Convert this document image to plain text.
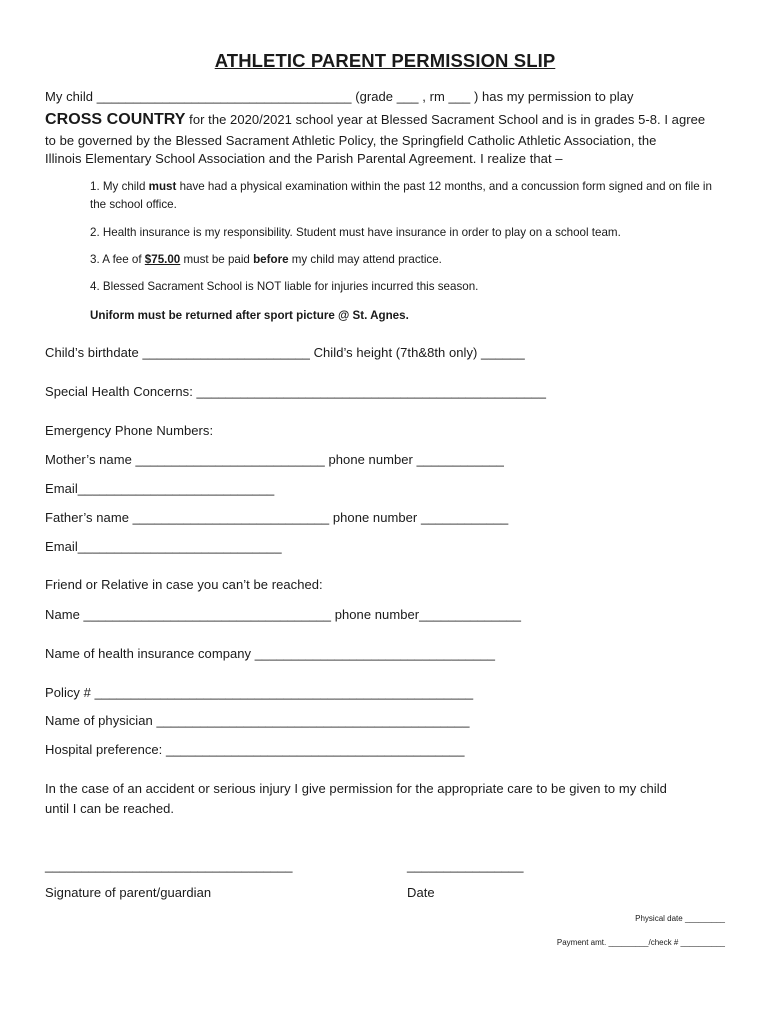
ATHLETIC PARENT PERMISSION SLIP
My child ___________________________________ (grade ___ , rm ___ ) has my permission to play
CROSS COUNTRY for the 2020/2021 school year at Blessed Sacrament School and is in grades 5-8. I agree
to be governed by the Blessed Sacrament Athletic Policy, the Springfield Catholic Athletic Association, the
Illinois Elementary School Association and the Parish Parental Agreement. I realize that –
1. My child must have had a physical examination within the past 12 months, and a concussion form signed and on file in the school office.
2. Health insurance is my responsibility. Student must have insurance in order to play on a school team.
3. A fee of $75.00 must be paid before my child may attend practice.
4. Blessed Sacrament School is NOT liable for injuries incurred this season.
Uniform must be returned after sport picture @ St. Agnes.
Child’s birthdate _______________________ Child’s height (7th&8th only) ______
Special Health Concerns: ________________________________________________
Emergency Phone Numbers:
Mother’s name __________________________ phone number ____________
Email___________________________
Father’s name ___________________________ phone number ____________
Email____________________________
Friend or Relative in case you can’t be reached:
Name __________________________________ phone number______________
Name of health insurance company _________________________________
Policy # ____________________________________________________
Name of physician ___________________________________________
Hospital preference: _________________________________________
In the case of an accident or serious injury I give permission for the appropriate care to be given to my child
until I can be reached.
__________________________________	________________
Signature of parent/guardian	Date
Physical date _________
Payment amt. _________/check # __________
